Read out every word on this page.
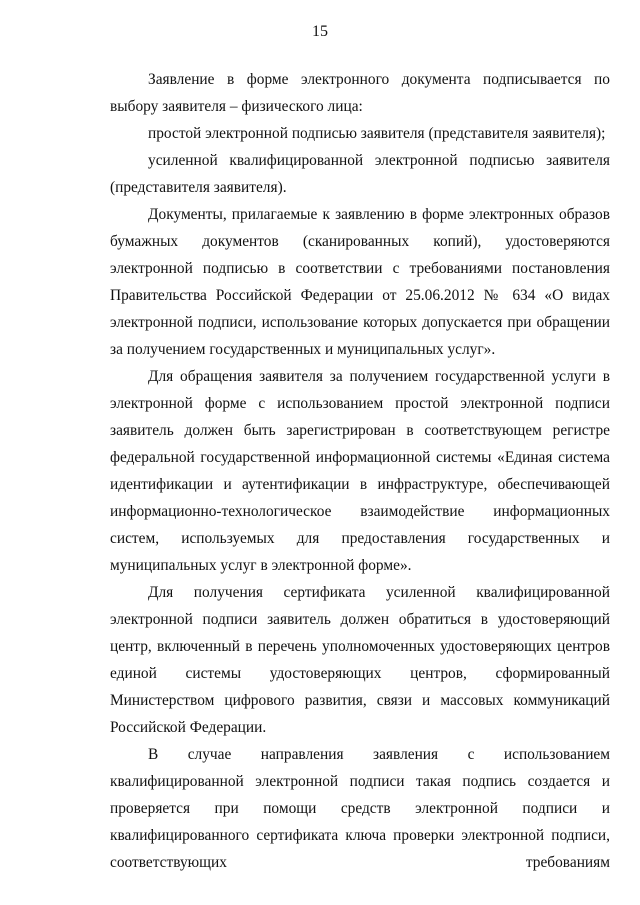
15

Заявление в форме электронного документа подписывается по выбору заявителя – физического лица:

простой электронной подписью заявителя (представителя заявителя);

усиленной квалифицированной электронной подписью заявителя (представителя заявителя).

Документы, прилагаемые к заявлению в форме электронных образов бумажных документов (сканированных копий), удостоверяются электронной подписью в соответствии с требованиями постановления Правительства Российской Федерации от 25.06.2012 № 634 «О видах электронной подписи, использование которых допускается при обращении за получением государственных и муниципальных услуг».

Для обращения заявителя за получением государственной услуги в электронной форме с использованием простой электронной подписи заявитель должен быть зарегистрирован в соответствующем регистре федеральной государственной информационной системы «Единая система идентификации и аутентификации в инфраструктуре, обеспечивающей информационно-технологическое взаимодействие информационных систем, используемых для предоставления государственных и муниципальных услуг в электронной форме».

Для получения сертификата усиленной квалифицированной электронной подписи заявитель должен обратиться в удостоверяющий центр, включенный в перечень уполномоченных удостоверяющих центров единой системы удостоверяющих центров, сформированный Министерством цифрового развития, связи и массовых коммуникаций Российской Федерации.

В случае направления заявления с использованием квалифицированной электронной подписи такая подпись создается и проверяется при помощи средств электронной подписи и квалифицированного сертификата ключа проверки электронной подписи, соответствующих требованиям
